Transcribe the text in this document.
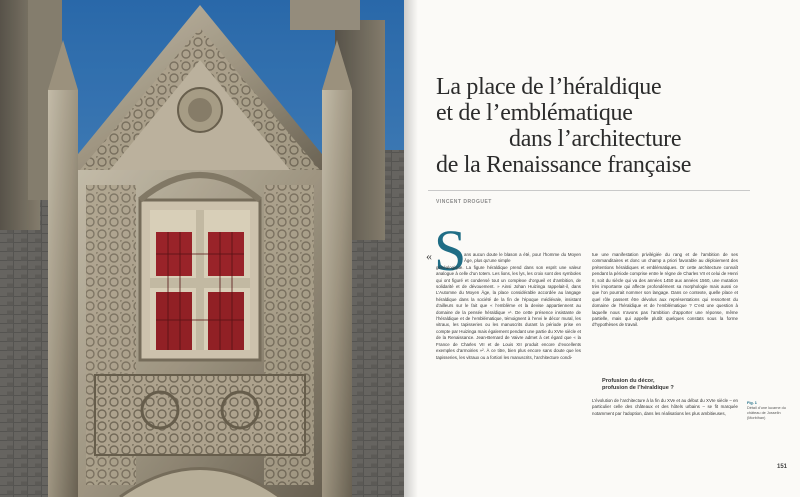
La place de l’héraldique
et de l’emblématique
dans l’architecture
de la Renaissance française
VINCENT DROGUET
« S

ans aucun doute le blason a été, pour l’homme du Moyen Âge, plus qu’une simple
généalogique. La figure héraldique prend dans son esprit une valeur analogue à celle d’un totem. Les lions, les lys, les croix sont des symboles qui ont figuré et condensé tout un complexe d’orgueil et d’ambition, de solidarité et de dévouement. » Ainsi Johan Huizinga rappelait-il, dans L’Automne du Moyen Âge, la place considérable accordée au langage héraldique dans la société de la fin de l’époque médiévale, insistant d’ailleurs sur le fait que « l’emblème et la devise appartiennent au domaine de la pensée héraldique »¹. De cette présence insistante de l’héraldique et de l’emblématique, témoignent à l’envi le décor mural, les vitraux, les tapisseries ou les manuscrits durant la période prise en compte par Huizinga mais également pendant une partie du XVIe siècle et de la Renaissance. Jean-Bernard de Vaivre admet à cet égard que « la France de Charles VII et de Louis XII produit encore d’excellents exemples d’armoiries »². À ce titre, bien plus encore sans doute que les tapisseries, les vitraux ou a fortiori les manuscrits, l’architecture condi-

tue une manifestation privilégiée du rang et de l’ambition de ses commanditaires et donc un champ a priori favorable au déploiement des prétentions héraldiques et emblématiques. Or cette architecture connaît pendant la période comprise entre le règne de Charles VII et celui de Henri II, soit du siècle qui va des années 1450 aux années 1560, une mutation très importante qui affecte profondément sa morphologie mais aussi ce que l’on pourrait nommer son langage. Dans ce contexte, quelle place et quel rôle passent être dévolus aux représentations qui ressortent du domaine de l’héraldique et de l’emblématique ? C’est une question à laquelle nous n’avons pas l’ambition d’apporter une réponse, même partielle, mais qui appelle plutôt quelques constats sous la forme d’hypothèses de travail.

Profusion du décor,
profusion de l’héraldique ?

L’évolution de l’architecture à la fin du XVe et au début du XVIe siècle – en particulier celle des châteaux et des hôtels urbains – se fit marquée notamment par l’adoption, dans les réalisations les plus ambitieuses,

Fig. 1
Détail d’une lucarne du château de Josselin (Morbihan)

151
